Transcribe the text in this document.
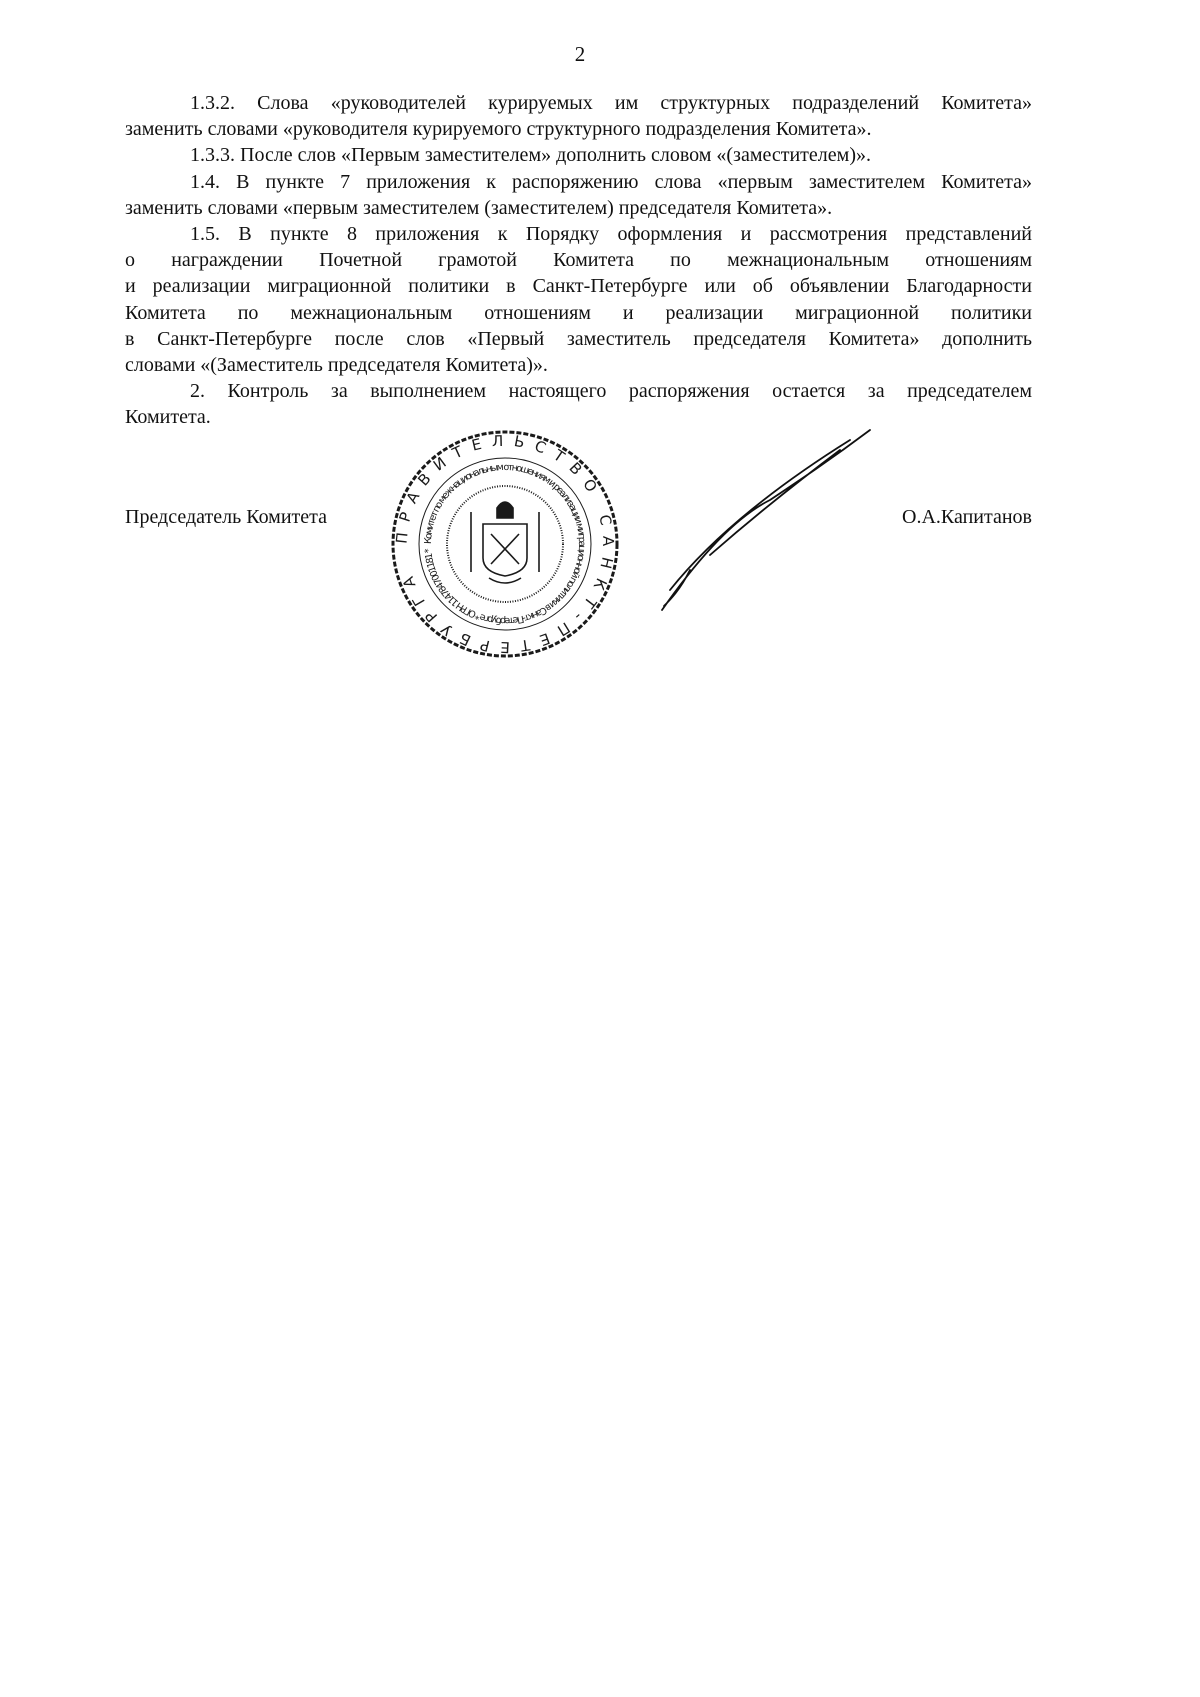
2
1.3.2. Слова «руководителей курируемых им структурных подразделений Комитета»
заменить словами «руководителя курируемого структурного подразделения Комитета».
1.3.3. После слов «Первым заместителем» дополнить словом «(заместителем)».
1.4. В пункте 7 приложения к распоряжению слова «первым заместителем Комитета»
заменить словами «первым заместителем (заместителем) председателя Комитета».
1.5. В пункте 8 приложения к Порядку оформления и рассмотрения представлений
о награждении Почетной грамотой Комитета по межнациональным отношениям
и реализации миграционной политики в Санкт-Петербурге или об объявлении Благодарности
Комитета по межнациональным отношениям и реализации миграционной политики
в Санкт-Петербурге после слов «Первый заместитель председателя Комитета» дополнить
словами «(Заместитель председателя Комитета)».
2. Контроль за выполнением настоящего распоряжения остается за председателем
Комитета.
Председатель Комитета	О.А.Капитанов
ПРАВИТЕЛЬСТВО САНКТ-ПЕТЕРБУРГА
Комитет по межнациональным отношениям и реализации миграционной политики в Санкт-Петербурге * ОГРН 1147847001181 *
